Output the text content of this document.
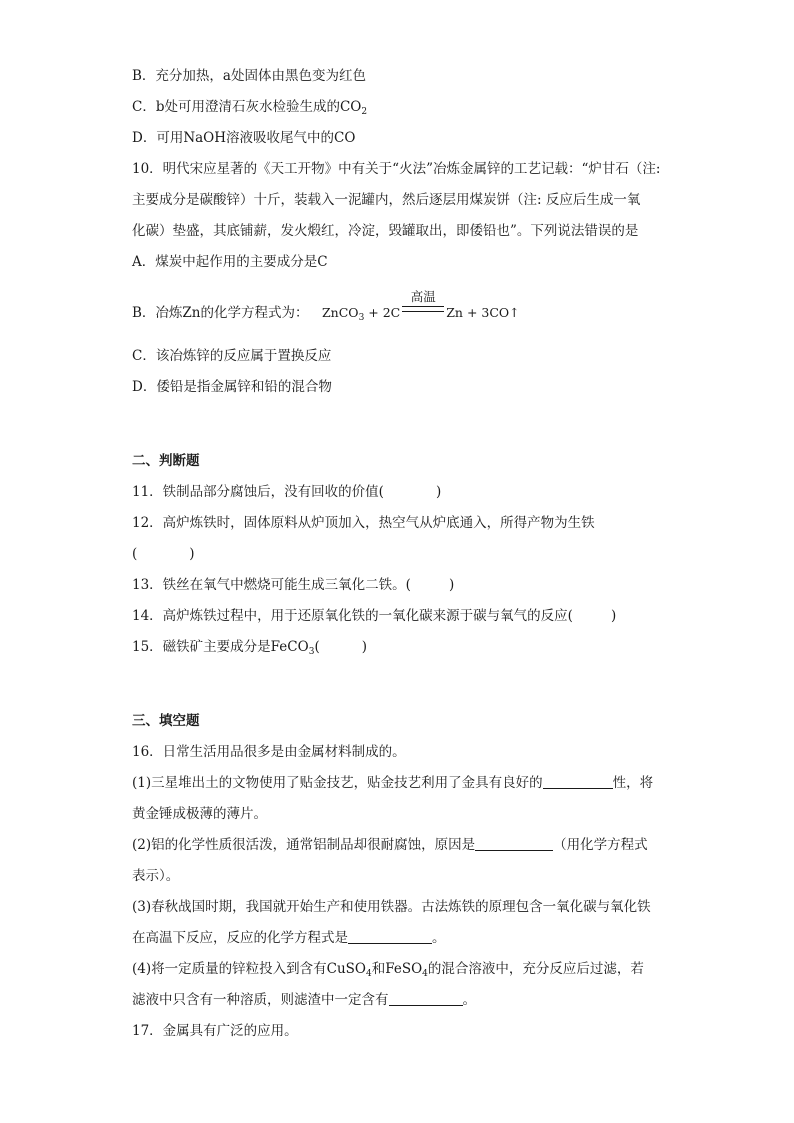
B．充分加热，a处固体由黑色变为红色
C．b处可用澄清石灰水检验生成的$CO_2$
D．可用NaOH溶液吸收尾气中的CO
10．明代宋应星著的《天工开物》中有关于“火法”冶炼金属锌的工艺记载：“炉甘石（注:
主要成分是碳酸锌）十斤，装载入一泥罐内，然后逐层用煤炭饼（注: 反应后生成一氧
化碳）垫盛，其底铺薪，发火煅红，冷淀，毁罐取出，即倭铅也”。下列说法错误的是
A．煤炭中起作用的主要成分是C
B．冶炼Zn的化学方程式为： ZnCO$_3$ + 2C
高温
Zn + 3CO↑
C．该冶炼锌的反应属于置换反应
D．倭铅是指金属锌和铅的混合物
二、判断题
11．铁制品部分腐蚀后，没有回收的价值(	)
12．高炉炼铁时，固体原料从炉顶加入，热空气从炉底通入，所得产物为生铁
(	)
13．铁丝在氧气中燃烧可能生成三氧化二铁。(	)
14．高炉炼铁过程中，用于还原氧化铁的一氧化碳来源于碳与氧气的反应(	)
15．磁铁矿主要成分是FeCO$_3$(	)
三、填空题
16．日常生活用品很多是由金属材料制成的。
(1)三星堆出土的文物使用了贴金技艺，贴金技艺利用了金具有良好的	性，将
黄金锤成极薄的薄片。
(2)铝的化学性质很活泼，通常铝制品却很耐腐蚀，原因是	（用化学方程式
表示）。
(3)春秋战国时期，我国就开始生产和使用铁器。古法炼铁的原理包含一氧化碳与氧化铁
在高温下反应，反应的化学方程式是	。
(4)将一定质量的锌粒投入到含有CuSO$_4$和FeSO$_4$的混合溶液中，充分反应后过滤，若
滤液中只含有一种溶质，则滤渣中一定含有	。
17．金属具有广泛的应用。
